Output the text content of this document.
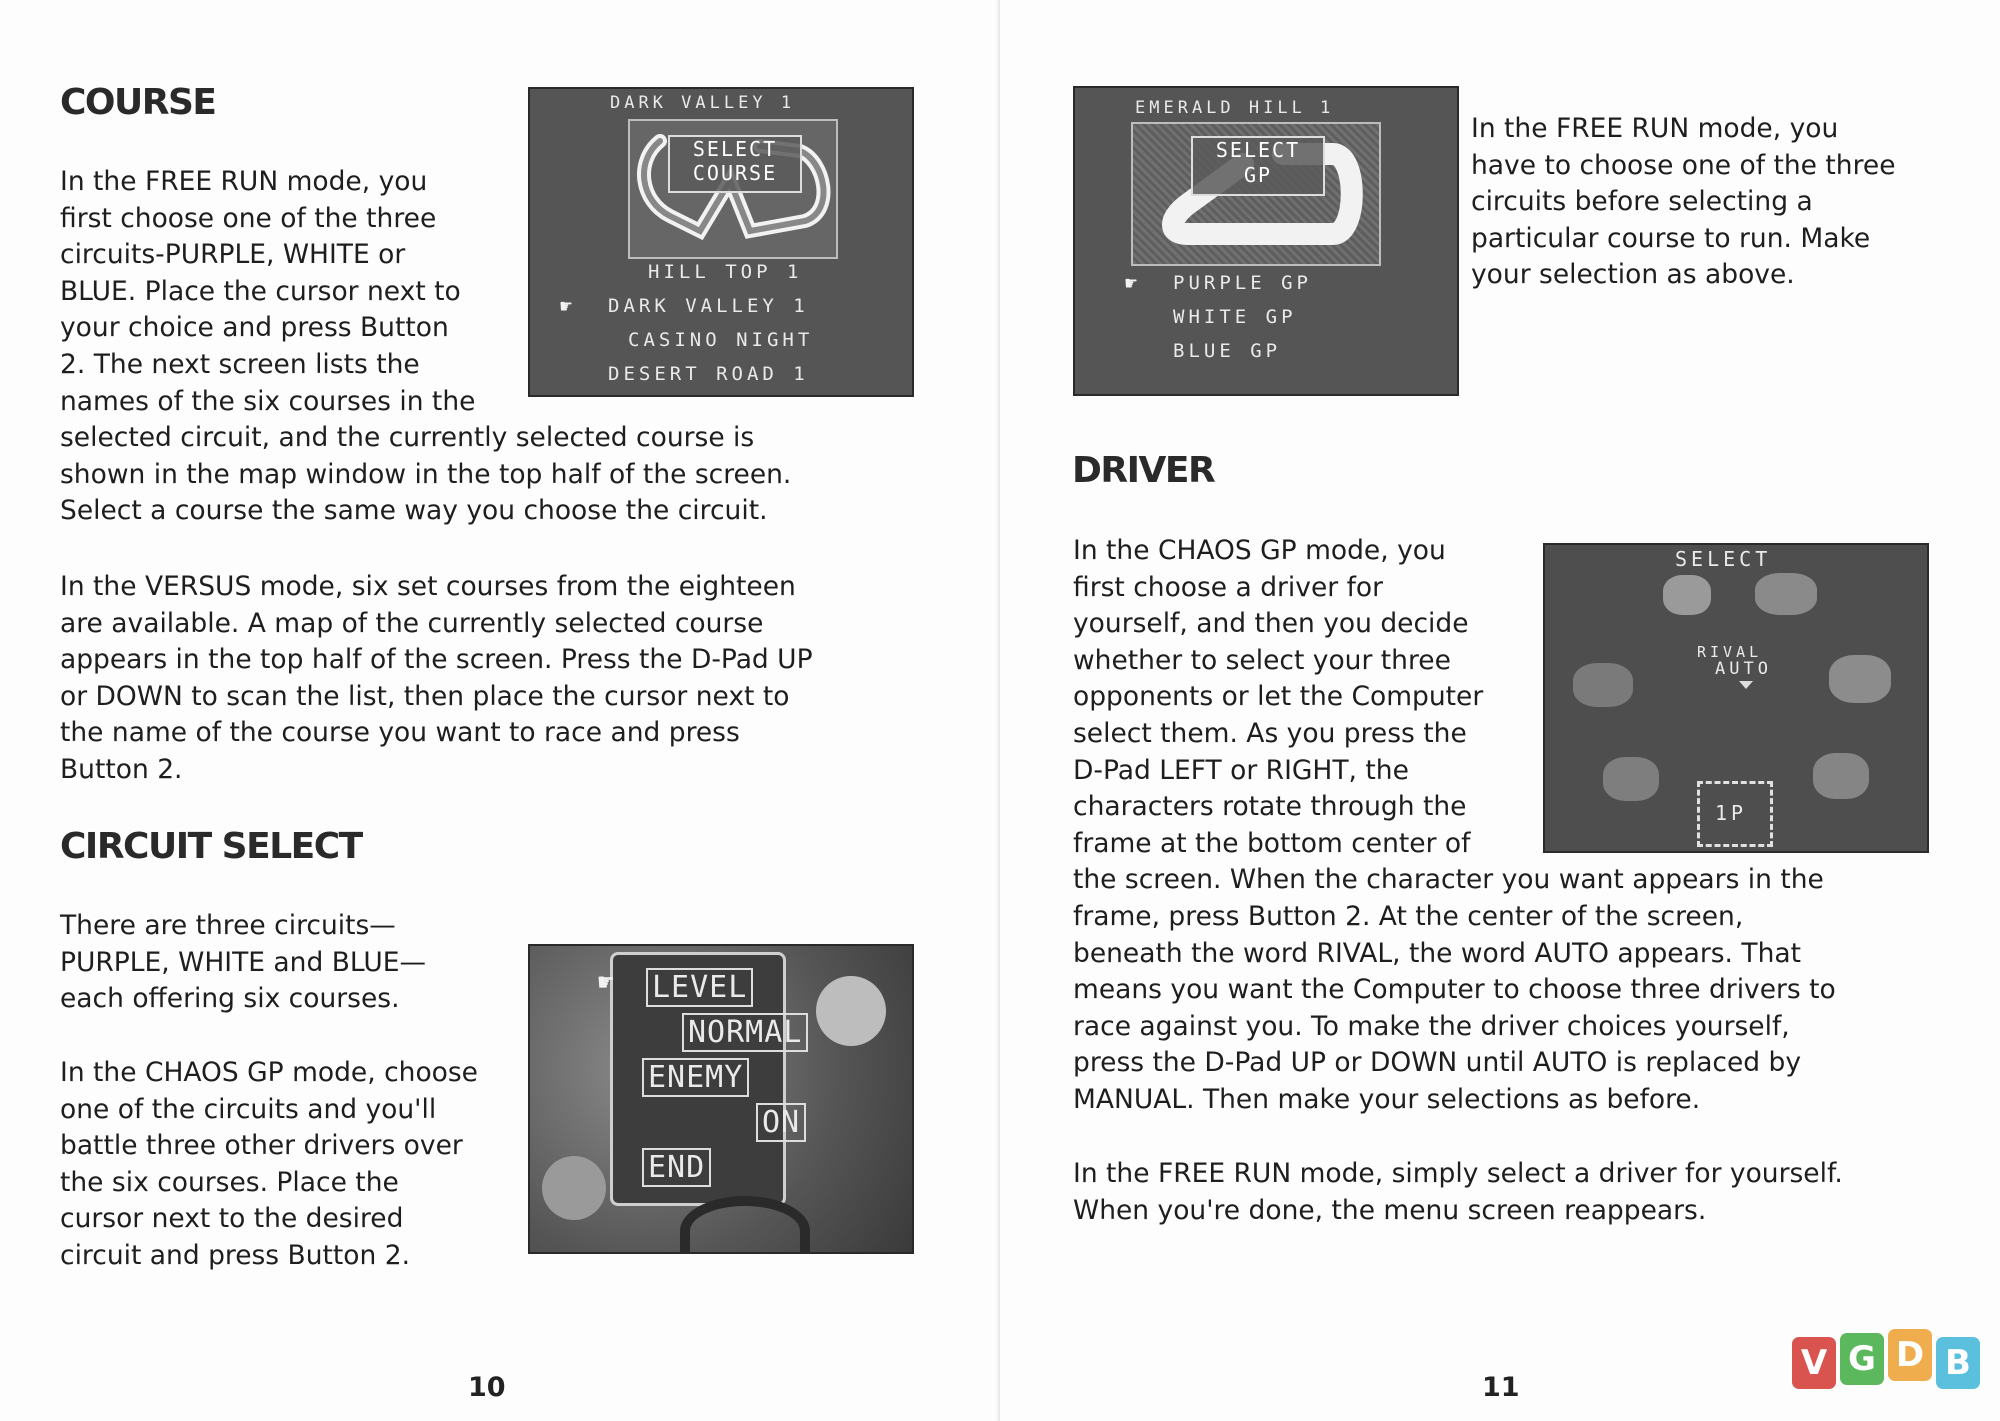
COURSE

In the FREE RUN mode, you
first choose one of the three
circuits-PURPLE, WHITE or
BLUE. Place the cursor next to
your choice and press Button
2. The next screen lists the
names of the six courses in the
selected circuit, and the currently selected course is
shown in the map window in the top half of the screen.
Select a course the same way you choose the circuit.

In the VERSUS mode, six set courses from the eighteen
are available. A map of the currently selected course
appears in the top half of the screen. Press the D-Pad UP
or DOWN to scan the list, then place the cursor next to
the name of the course you want to race and press
Button 2.

CIRCUIT SELECT

There are three circuits—
PURPLE, WHITE and BLUE—
each offering six courses.

In the CHAOS GP mode, choose
one of the circuits and you'll
battle three other drivers over
the six courses. Place the
cursor next to the desired
circuit and press Button 2.

DARK VALLEY 1
SELECT
COURSE
HILL TOP 1
☛ DARK VALLEY 1
CASINO NIGHT
DESERT ROAD 1
☛ LEVEL
NORMAL
ENEMY
ON
END
10
EMERALD HILL 1
SELECT
GP
☛ PURPLE GP
WHITE GP
BLUE GP

In the FREE RUN mode, you
have to choose one of the three
circuits before selecting a
particular course to run. Make
your selection as above.

DRIVER

In the CHAOS GP mode, you
first choose a driver for
yourself, and then you decide
whether to select your three
opponents or let the Computer
select them. As you press the
D-Pad LEFT or RIGHT, the
characters rotate through the
frame at the bottom center of
the screen. When the character you want appears in the
frame, press Button 2. At the center of the screen,
beneath the word RIVAL, the word AUTO appears. That
means you want the Computer to choose three drivers to
race against you. To make the driver choices yourself,
press the D-Pad UP or DOWN until AUTO is replaced by
MANUAL. Then make your selections as before.

In the FREE RUN mode, simply select a driver for yourself.
When you're done, the menu screen reappears.

SELECT
RIVAL
AUTO
1P
11
V G D B
